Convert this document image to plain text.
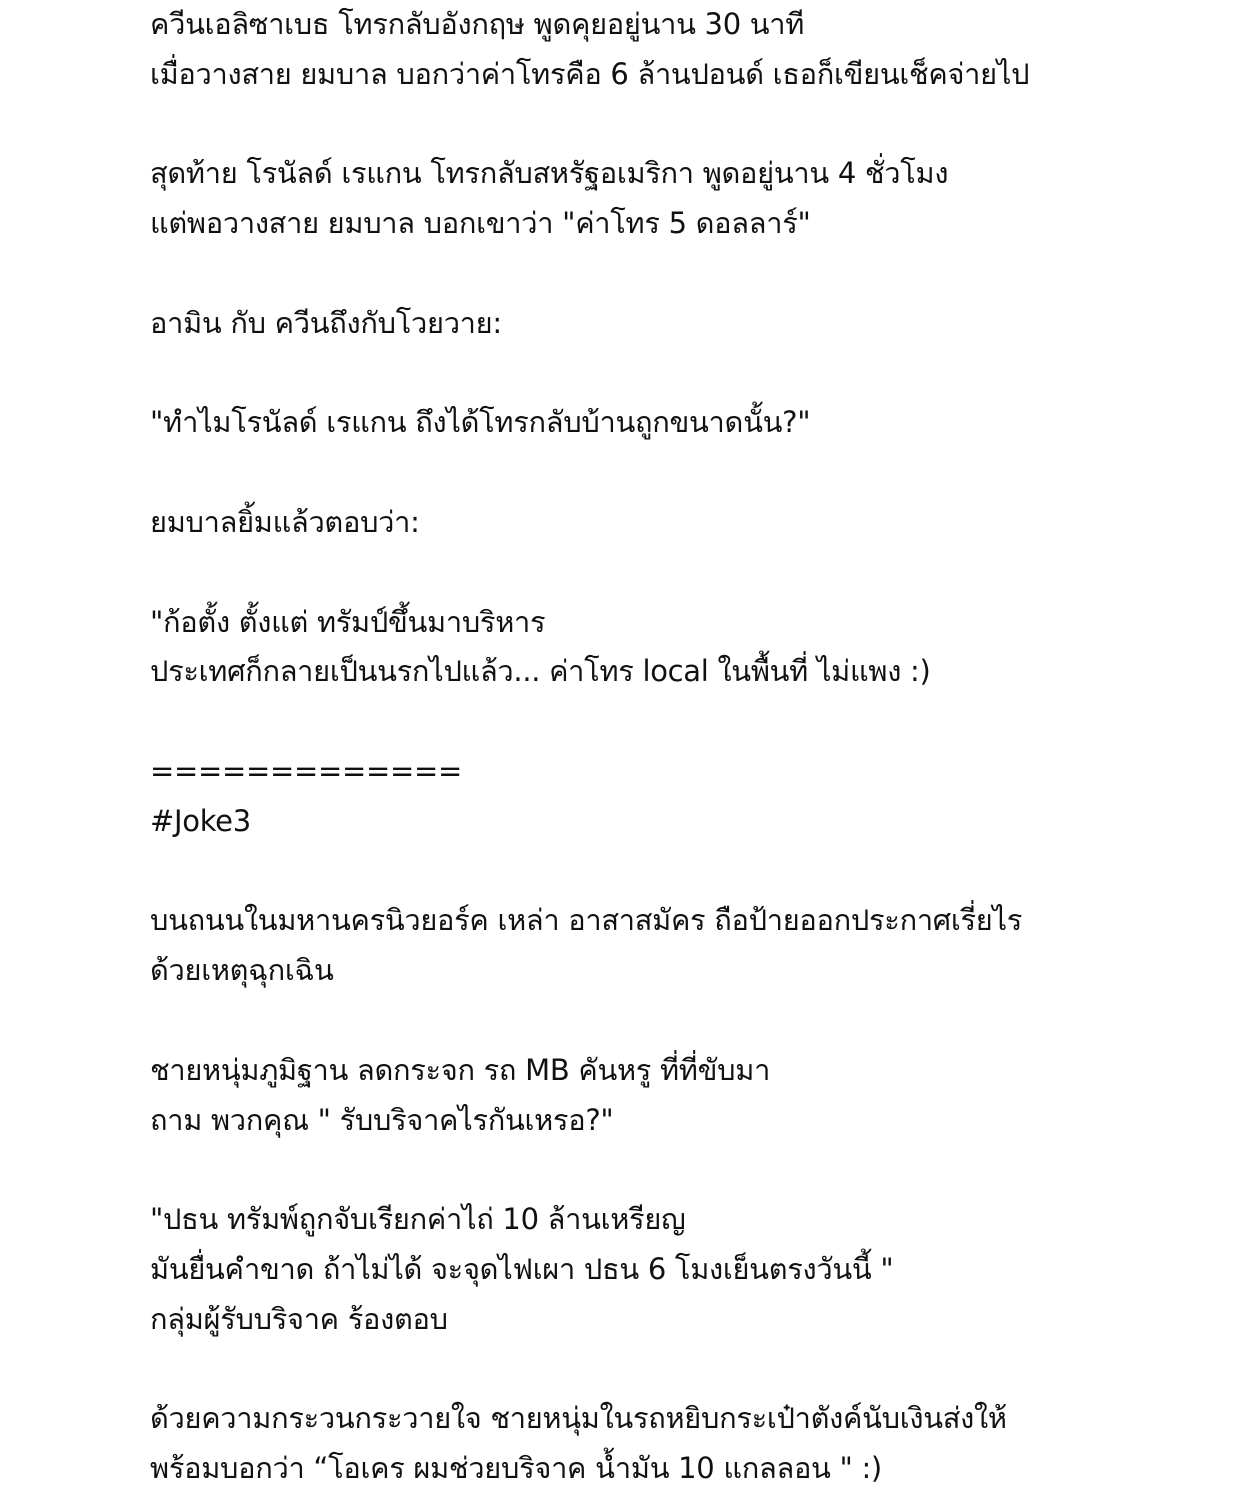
ควีนเอลิซาเบธ โทรกลับอังกฤษ พูดคุยอยู่นาน 30 นาที
เมื่อวางสาย ยมบาล บอกว่าค่าโทรคือ 6 ล้านปอนด์ เธอก็เขียนเช็คจ่ายไป
สุดท้าย โรนัลด์ เรแกน โทรกลับสหรัฐอเมริกา พูดอยู่นาน 4 ชั่วโมง
แต่พอวางสาย ยมบาล บอกเขาว่า "ค่าโทร 5 ดอลลาร์"
อามิน กับ ควีนถึงกับโวยวาย:
"ทำไมโรนัลด์ เรแกน ถึงได้โทรกลับบ้านถูกขนาดนั้น?"
ยมบาลยิ้มแล้วตอบว่า:
"ก้อตั้ง ตั้งแต่ ทรัมป์ขึ้นมาบริหาร
ประเทศก็กลายเป็นนรกไปแล้ว... ค่าโทร local ในพื้นที่ ไม่แพง :)
=============
#Joke3
บนถนนในมหานครนิวยอร์ค เหล่า อาสาสมัคร ถือป้ายออกประกาศเรี่ยไร
ด้วยเหตุฉุกเฉิน
ชายหนุ่มภูมิฐาน ลดกระจก รถ MB คันหรู ที่ที่ขับมา
ถาม พวกคุณ " รับบริจาคไรกันเหรอ?"
"ปธน ทรัมพ์ถูกจับเรียกค่าไถ่ 10 ล้านเหรียญ
มันยื่นคำขาด ถ้าไม่ได้ จะจุดไฟเผา ปธน 6 โมงเย็นตรงวันนี้ "
กลุ่มผู้รับบริจาค ร้องตอบ
ด้วยความกระวนกระวายใจ ชายหนุ่มในรถหยิบกระเป๋าตังค์นับเงินส่งให้
พร้อมบอกว่า “โอเคร ผมช่วยบริจาค น้ำมัน 10 แกลลอน " :)
